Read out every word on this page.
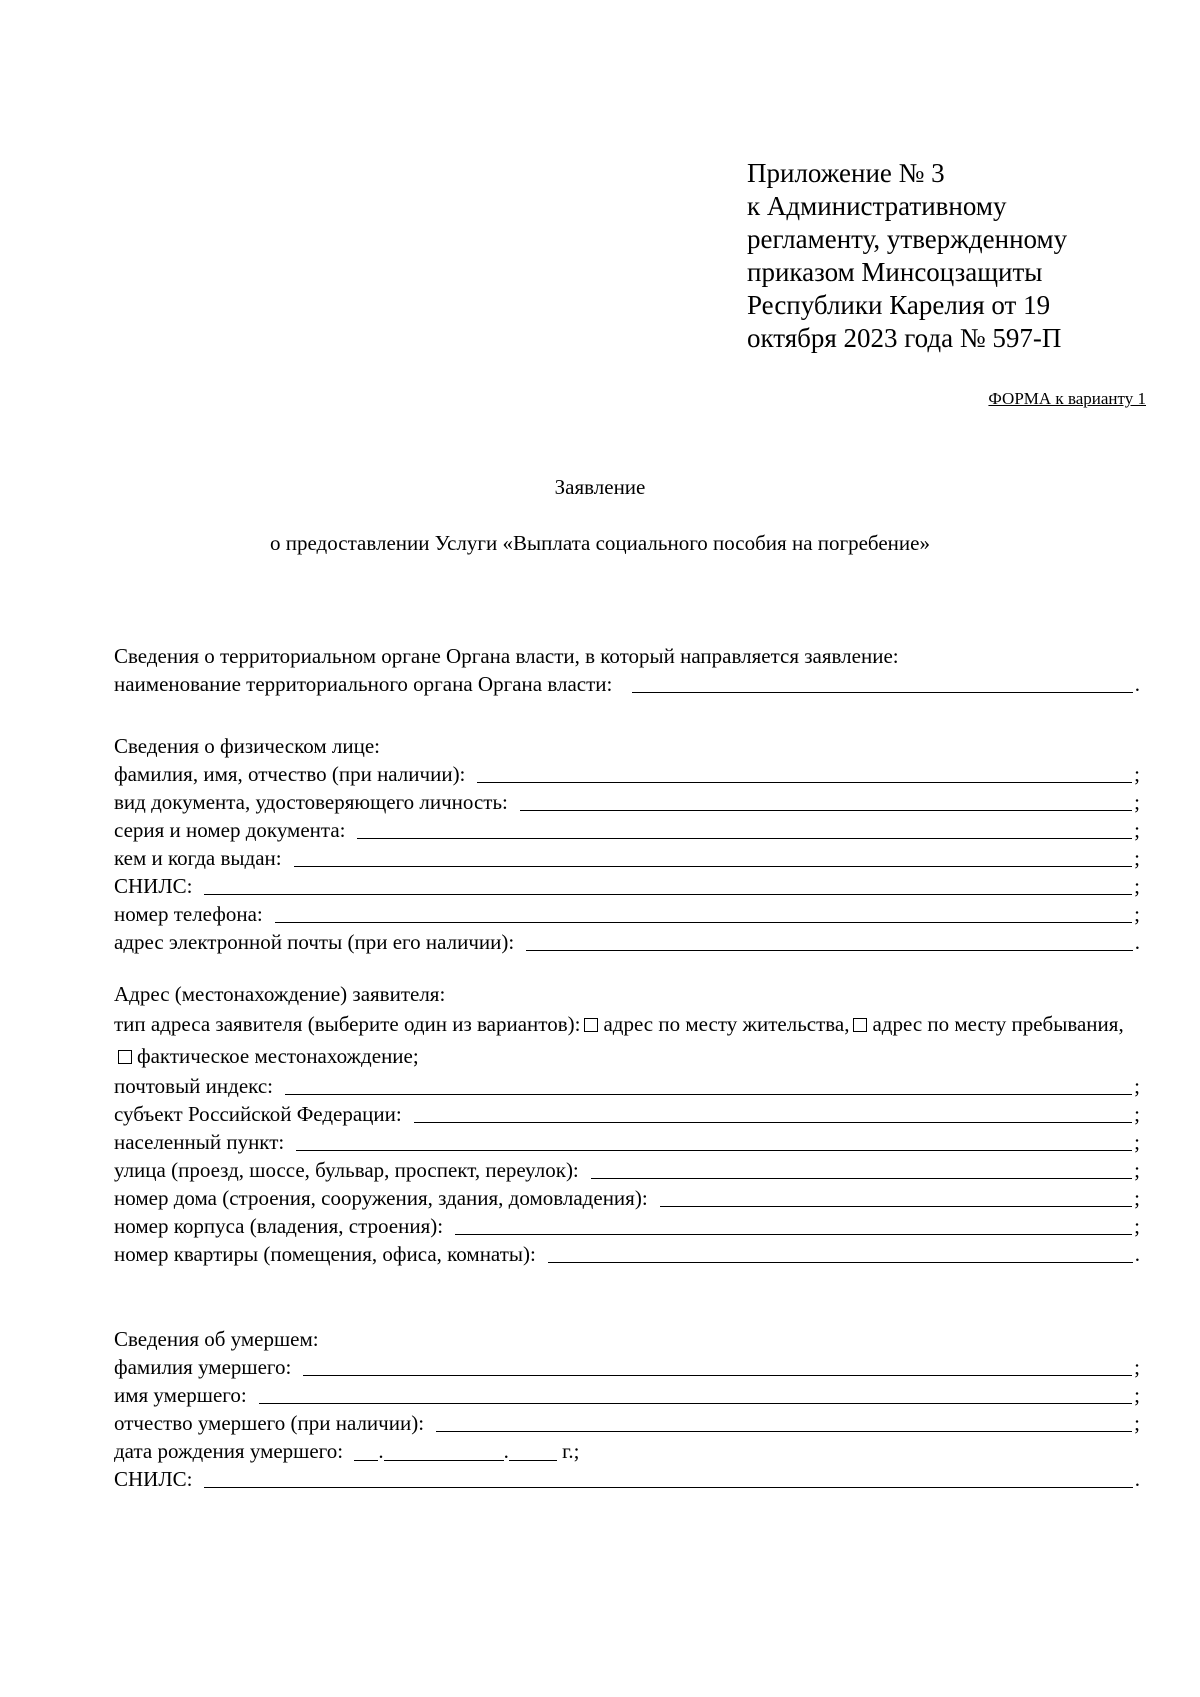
Приложение № 3
к Административному
регламенту, утвержденному
приказом Минсоцзащиты
Республики Карелия от 19
октября 2023 года № 597-П
ФОРМА к варианту 1
Заявление
о предоставлении Услуги «Выплата социального пособия на погребение»
Сведения о территориальном органе Органа власти, в который направляется заявление:
наименование территориального органа Органа власти:	.
Сведения о физическом лице:
фамилия, имя, отчество (при наличии):	;
вид документа, удостоверяющего личность:	;
серия и номер документа:	;
кем и когда выдан:	;
СНИЛС:	;
номер телефона:	;
адрес электронной почты (при его наличии):	.
Адрес (местонахождение) заявителя:
тип адреса заявителя (выберите один из вариантов): адрес по месту жительства, адрес по месту пребывания,фактическое местонахождение;
почтовый индекс:	;
субъект Российской Федерации:	;
населенный пункт:	;
улица (проезд, шоссе, бульвар, проспект, переулок):	;
номер дома (строения, сооружения, здания, домовладения):	;
номер корпуса (владения, строения):	;
номер квартиры (помещения, офиса, комнаты):	.
Сведения об умершем:
фамилия умершего:	;
имя умершего:	;
отчество умершего (при наличии):	;
дата рождения умершего: .	.	г.;
СНИЛС:	.
